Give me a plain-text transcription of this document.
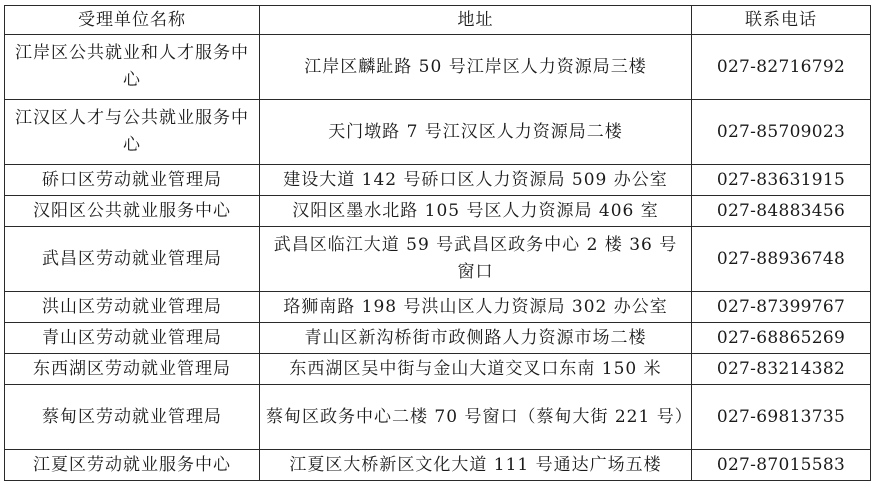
受理单位名称	地址	联系电话
江岸区公共就业和人才服务中心	江岸区麟趾路 50 号江岸区人力资源局三楼	027-82716792
江汉区人才与公共就业服务中心	天门墩路 7 号江汉区人力资源局二楼	027-85709023
硚口区劳动就业管理局	建设大道 142 号硚口区人力资源局 509 办公室	027-83631915
汉阳区公共就业服务中心	汉阳区墨水北路 105 号区人力资源局 406 室	027-84883456
武昌区劳动就业管理局	武昌区临江大道 59 号武昌区政务中心 2 楼 36 号窗口	027-88936748
洪山区劳动就业管理局	珞狮南路 198 号洪山区人力资源局 302 办公室	027-87399767
青山区劳动就业管理局	青山区新沟桥街市政侧路人力资源市场二楼	027-68865269
东西湖区劳动就业管理局	东西湖区吴中街与金山大道交叉口东南 150 米	027-83214382
蔡甸区劳动就业管理局	蔡甸区政务中心二楼 70 号窗口（蔡甸大街 221 号）	027-69813735
江夏区劳动就业服务中心	江夏区大桥新区文化大道 111 号通达广场五楼	027-87015583
